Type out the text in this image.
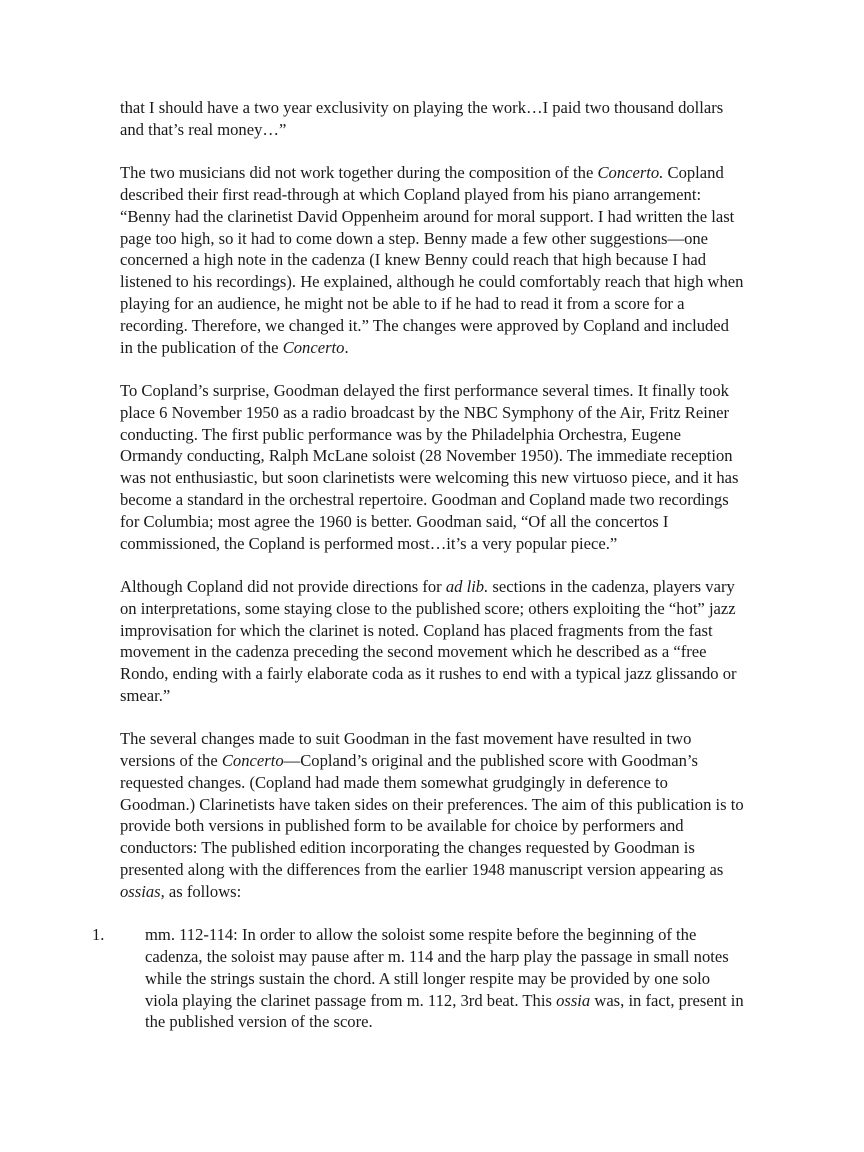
that I should have a two year exclusivity on playing the work…I paid two thousand dollars and that’s real money…”

The two musicians did not work together during the composition of the Concerto. Copland described their first read-through at which Copland played from his piano arrangement: “Benny had the clarinetist David Oppenheim around for moral support. I had written the last page too high, so it had to come down a step. Benny made a few other suggestions—one concerned a high note in the cadenza (I knew Benny could reach that high because I had listened to his recordings). He explained, although he could comfortably reach that high when playing for an audience, he might not be able to if he had to read it from a score for a recording. Therefore, we changed it.” The changes were approved by Copland and included in the publication of the Concerto.

To Copland’s surprise, Goodman delayed the first performance several times. It finally took place 6 November 1950 as a radio broadcast by the NBC Symphony of the Air, Fritz Reiner conducting. The first public performance was by the Philadelphia Orchestra, Eugene Ormandy conducting, Ralph McLane soloist (28 November 1950). The immediate reception was not enthusiastic, but soon clarinetists were welcoming this new virtuoso piece, and it has become a standard in the orchestral repertoire. Goodman and Copland made two recordings for Columbia; most agree the 1960 is better. Goodman said, “Of all the concertos I commissioned, the Copland is performed most…it’s a very popular piece.”

Although Copland did not provide directions for ad lib. sections in the cadenza, players vary on interpretations, some staying close to the published score; others exploiting the “hot” jazz improvisation for which the clarinet is noted. Copland has placed fragments from the fast movement in the cadenza preceding the second movement which he described as a “free Rondo, ending with a fairly elaborate coda as it rushes to end with a typical jazz glissando or smear.”

The several changes made to suit Goodman in the fast movement have resulted in two versions of the Concerto—Copland’s original and the published score with Goodman’s requested changes. (Copland had made them somewhat grudgingly in deference to Goodman.) Clarinetists have taken sides on their preferences. The aim of this publication is to provide both versions in published form to be available for choice by performers and conductors: The published edition incorporating the changes requested by Goodman is presented along with the differences from the earlier 1948 manuscript version appearing as ossias, as follows:

1.	mm. 112-114: In order to allow the soloist some respite before the beginning of the cadenza, the soloist may pause after m. 114 and the harp play the passage in small notes while the strings sustain the chord. A still longer respite may be provided by one solo viola playing the clarinet passage from m. 112, 3rd beat. This ossia was, in fact, present in the published version of the score.
